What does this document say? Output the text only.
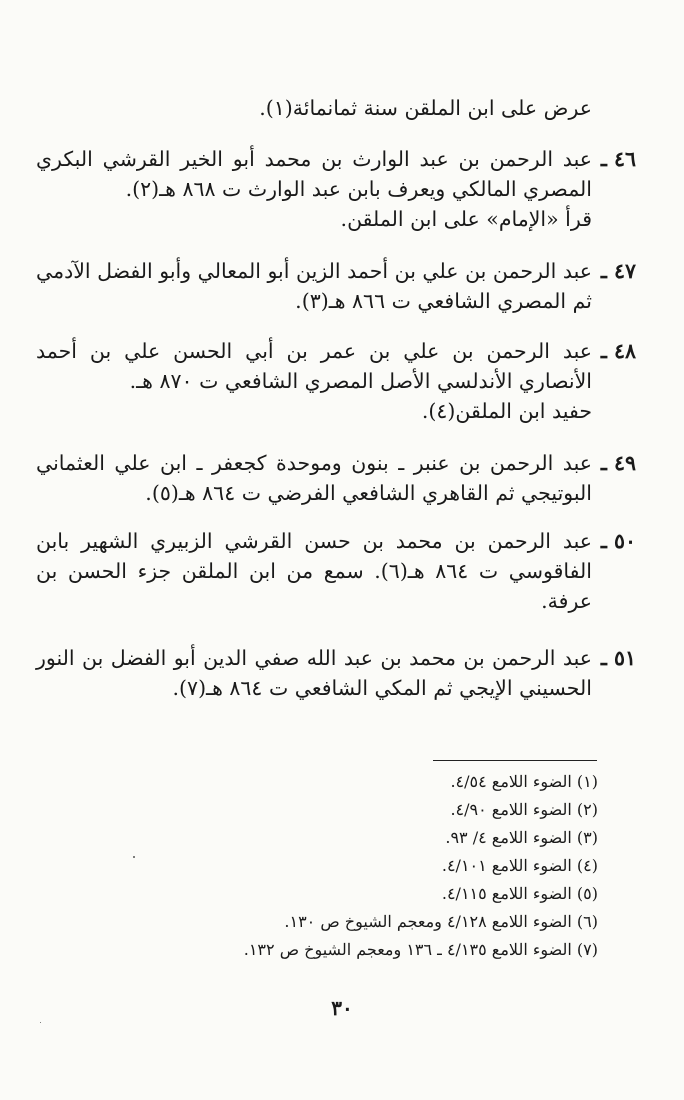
عرض على ابن الملقن سنة ثمانمائة(١).
٤٦ ـ
عبد الرحمن بن عبد الوارث بن محمد أبو الخير القرشي البكري
المصري المالكي ويعرف بابن عبد الوارث ت ٨٦٨ هـ(٢).
قرأ «الإمام» على ابن الملقن.
٤٧ ـ
عبد الرحمن بن علي بن أحمد الزين أبو المعالي وأبو الفضل الآدمي
ثم المصري الشافعي ت ٨٦٦ هـ(٣).
٤٨ ـ
عبد الرحمن بن علي بن عمر بن أبي الحسن علي بن أحمد
الأنصاري الأندلسي الأصل المصري الشافعي ت ٨٧٠ هـ.
حفيد ابن الملقن(٤).
٤٩ ـ
عبد الرحمن بن عنبر ـ بنون وموحدة كجعفر ـ ابن علي العثماني
البوتيجي ثم القاهري الشافعي الفرضي ت ٨٦٤ هـ(٥).
٥٠ ـ
عبد الرحمن بن محمد بن حسن القرشي الزبيري الشهير بابن
الفاقوسي ت ٨٦٤ هـ(٦). سمع من ابن الملقن جزء الحسن بن
عرفة.
٥١ ـ
عبد الرحمن بن محمد بن عبد الله صفي الدين أبو الفضل بن النور
الحسيني الإيجي ثم المكي الشافعي ت ٨٦٤ هـ(٧).
(١) الضوء اللامع ٤/٥٤.
(٢) الضوء اللامع ٤/٩٠.
(٣) الضوء اللامع ٤/ ٩٣.
(٤) الضوء اللامع ٤/١٠١.
(٥) الضوء اللامع ٤/١١٥.
(٦) الضوء اللامع ٤/١٢٨ ومعجم الشيوخ ص ١٣٠.
(٧) الضوء اللامع ٤/١٣٥ ـ ١٣٦ ومعجم الشيوخ ص ١٣٢.
٣٠
